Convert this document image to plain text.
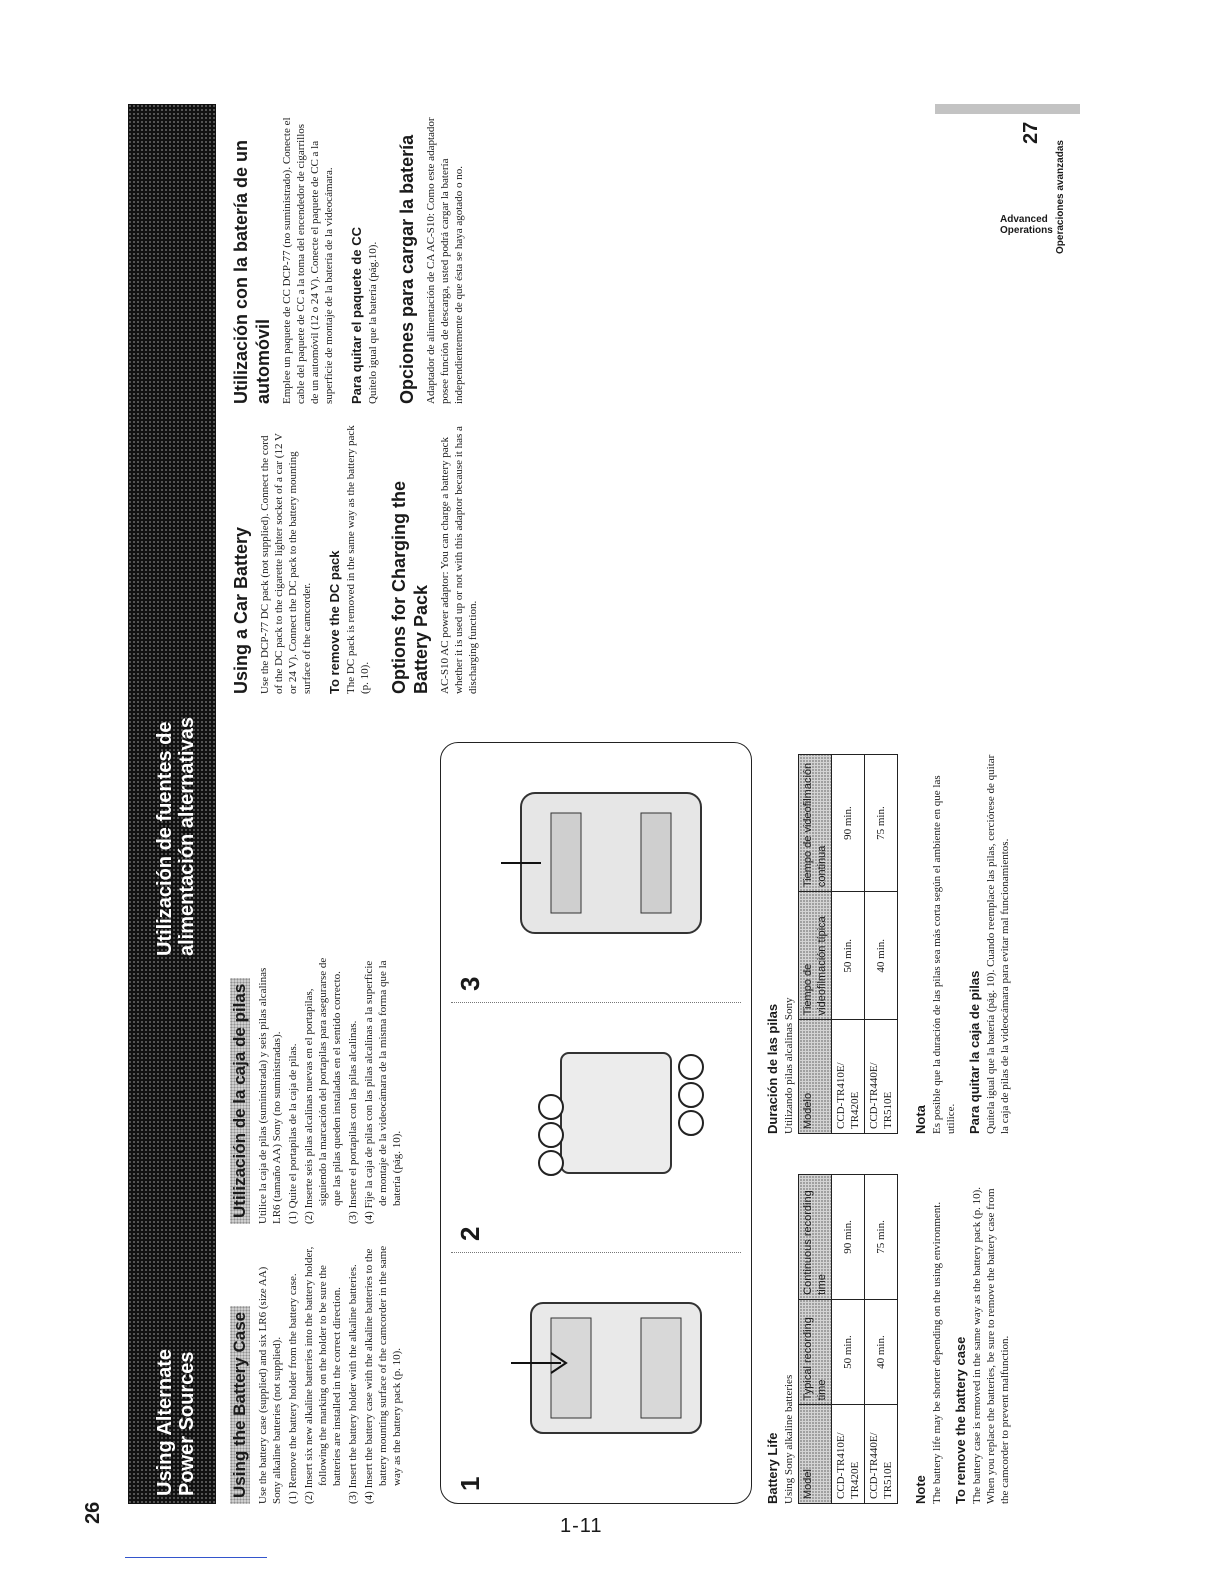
1-11
26
27
Advanced Operations
Using Alternate Power Sources
Utilización de fuentes de alimentación alternativas
Using the Battery Case Use the battery case (supplied) and six LR6 (size AA) Sony alkaline batteries (not supplied). (1) Remove the battery holder from the battery case. (2) Insert six new alkaline batteries into the battery holder, following the marking on the holder to be sure the batteries are installed in the correct direction. (3) Insert the battery holder with the alkaline batteries. (4) Insert the battery case with the alkaline batteries to the battery mounting surface of the camcorder in the same way as the battery pack (p. 10).

Utilización de la caja de pilas Utilice la caja de pilas (suministrada) y seis pilas alcalinas LR6 (tamaño AA) Sony (no suministradas). (1) Quite el portapilas de la caja de pilas. (2) Inserte seis pilas alcalinas nuevas en el portapilas, siguiendo la marcación del portapilas para asegurarse de que las pilas queden instaladas en el sentido correcto. (3) Inserte el portapilas con las pilas alcalinas. (4) Fije la caja de pilas con las pilas alcalinas a la superficie de montaje de la videocámara de la misma forma que la batería (pág. 10).

1
2
3
Battery Life Using Sony alkaline batteries Model	Typical recording time	Continuous recording time
CCD-TR410E/ TR420E	50 min.	90 min.
CCD-TR440E/ TR510E	40 min.	75 min.
Note The battery life may be shorter depending on the using environment. To remove the battery case The battery case is removed in the same way as the battery pack (p. 10). When you replace the batteries, be sure to remove the battery case from the camcorder to prevent malfunction.

Duración de las pilas Utilizando pilas alcalinas Sony Modelo	Tiempo de videofilmación típica	Tiempo de videofilmación continua
CCD-TR410E/ TR420E	50 min.	90 min.
CCD-TR440E/ TR510E	40 min.	75 min.
Nota Es posible que la duración de las pilas sea más corta según el ambiente en que las utilice. Para quitar la caja de pilas Quítela igual que la batería (pág. 10). Cuando reemplace las pilas, cerciórese de quitar la caja de pilas de la videocámara para evitar mal funcionamientos.

Using a Car Battery Use the DCP-77 DC pack (not supplied). Connect the cord of the DC pack to the cigarette lighter socket of a car (12 V or 24 V). Connect the DC pack to the battery mounting surface of the camcorder. To remove the DC pack The DC pack is removed in the same way as the battery pack (p. 10). Options for Charging the Battery Pack AC-S10 AC power adaptor: You can charge a battery pack whether it is used up or not with this adaptor because it has a discharging function.

Utilización con la batería de un automóvil Emplee un paquete de CC DCP-77 (no suministrado). Conecte el cable del paquete de CC a la toma del encendedor de cigarrillos de un automóvil (12 o 24 V). Conecte el paquete de CC a la superficie de montaje de la batería de la videocámara. Para quitar el paquete de CC Quítelo igual que la batería (pág.10). Opciones para cargar la batería Adaptador de alimentación de CA AC-S10: Como este adaptador posee función de descarga, usted podrá cargar la batería independientemente de que ésta se haya agotado o no.	Operaciones avanzadas
